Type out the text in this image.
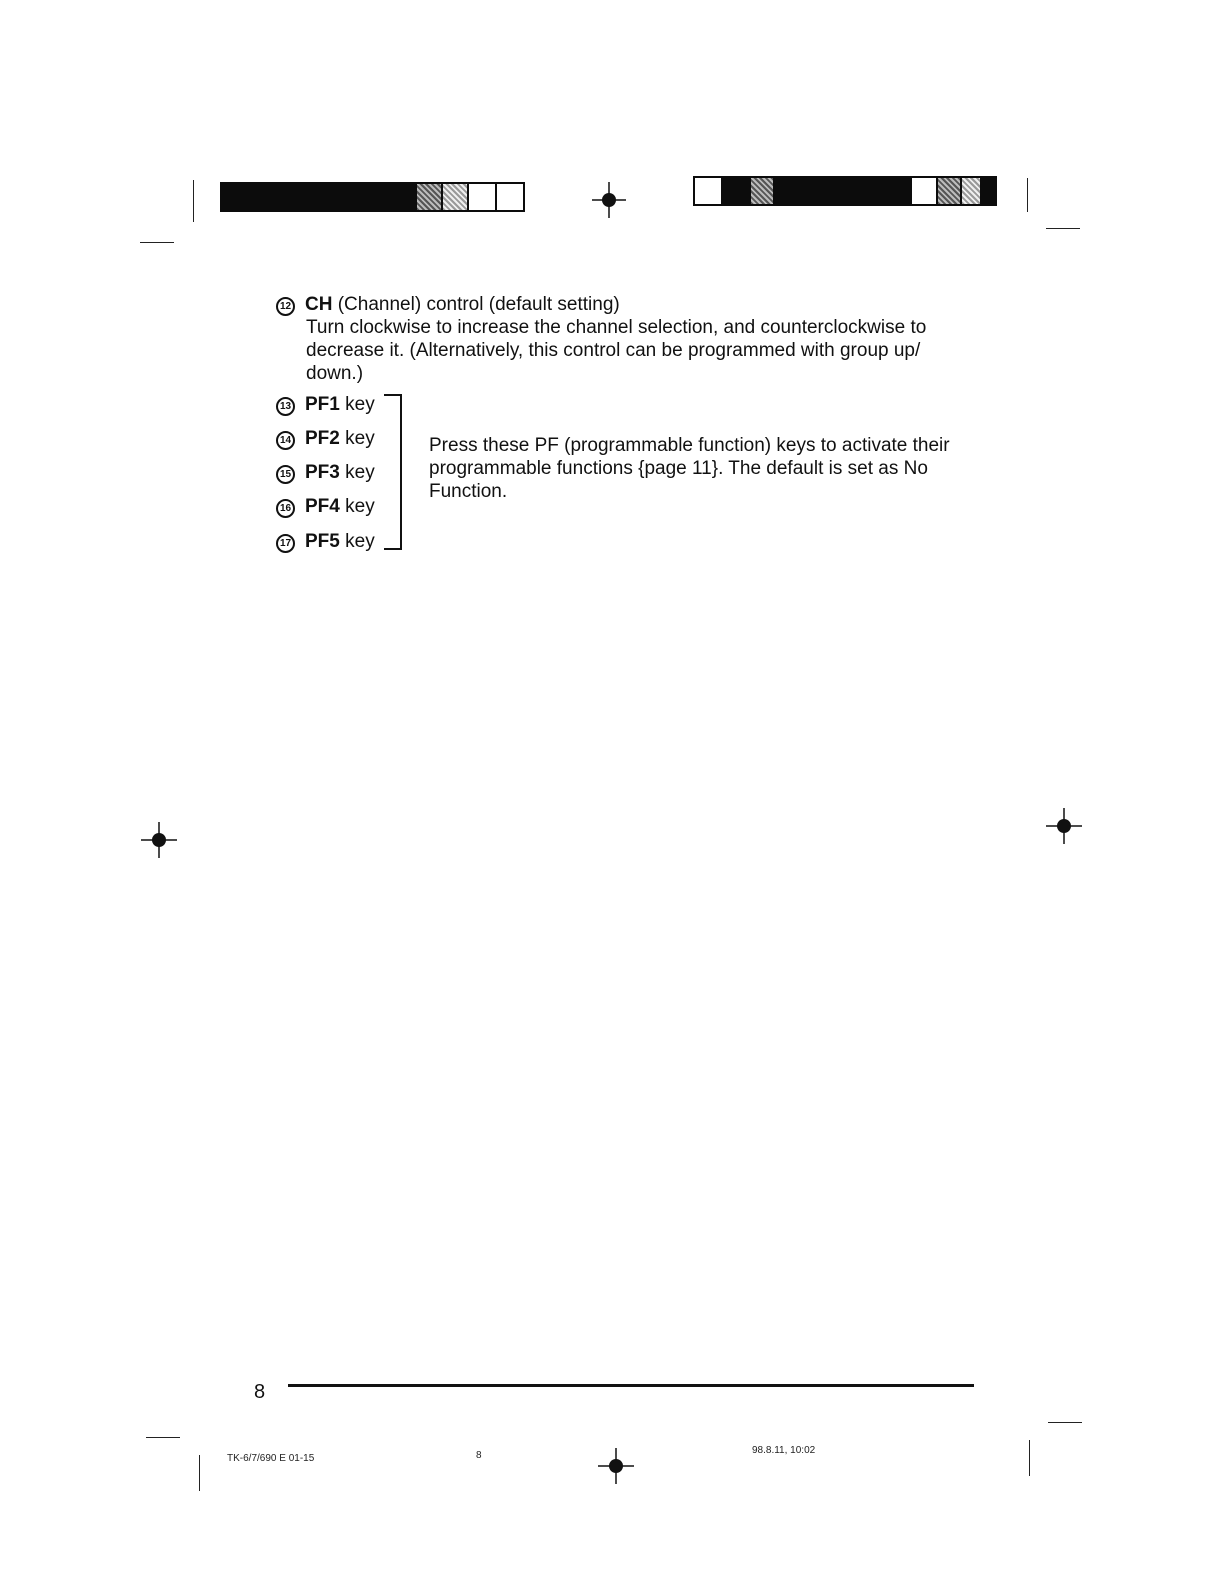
12 CH (Channel) control (default setting)
Turn clockwise to increase the channel selection, and counterclockwise to decrease it. (Alternatively, this control can be programmed with group up/ down.)
13 PF1 key
14 PF2 key
15 PF3 key
16 PF4 key
17 PF5 key
Press these PF (programmable function) keys to activate their programmable functions {page 11}. The default is set as No Function.
8
TK-6/7/690 E 01-15	8	98.8.11, 10:02
